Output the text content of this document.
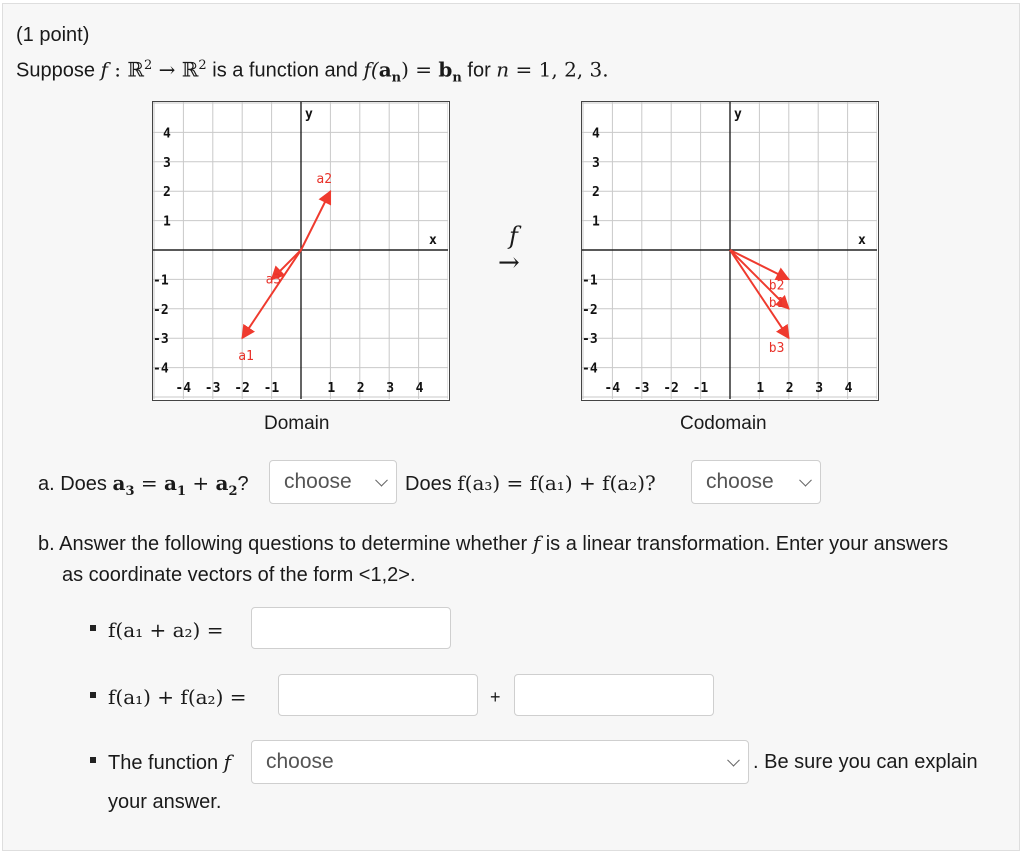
(1 point)
Suppose f : ℝ$^2$ → ℝ$^2$ is a function and $f(a_n) = b_n$ for n = 1, 2, 3.
-4 -3 -2 -1	1 2 3 4
4
3
2
1
-1
-2
-3
-4
x
y
a1
a2
a3
Domain
f
→
-4 -3 -2 -1	1 2 3 4
4
3
2
1
-1
-2
-3
-4
x
y
b1
b2
b3
Codomain
a. Does $a_3 = a_1 + a_2$? choose	Does f(a₃) = f(a₁) + f(a₂)? choose
b. Answer the following questions to determine whether f is a linear transformation. Enter your answers
as coordinate vectors of the form <1,2>.
f(a₁ + a₂) =
f(a₁) + f(a₂) =	+
The function f choose	. Be sure you can explain
your answer.
